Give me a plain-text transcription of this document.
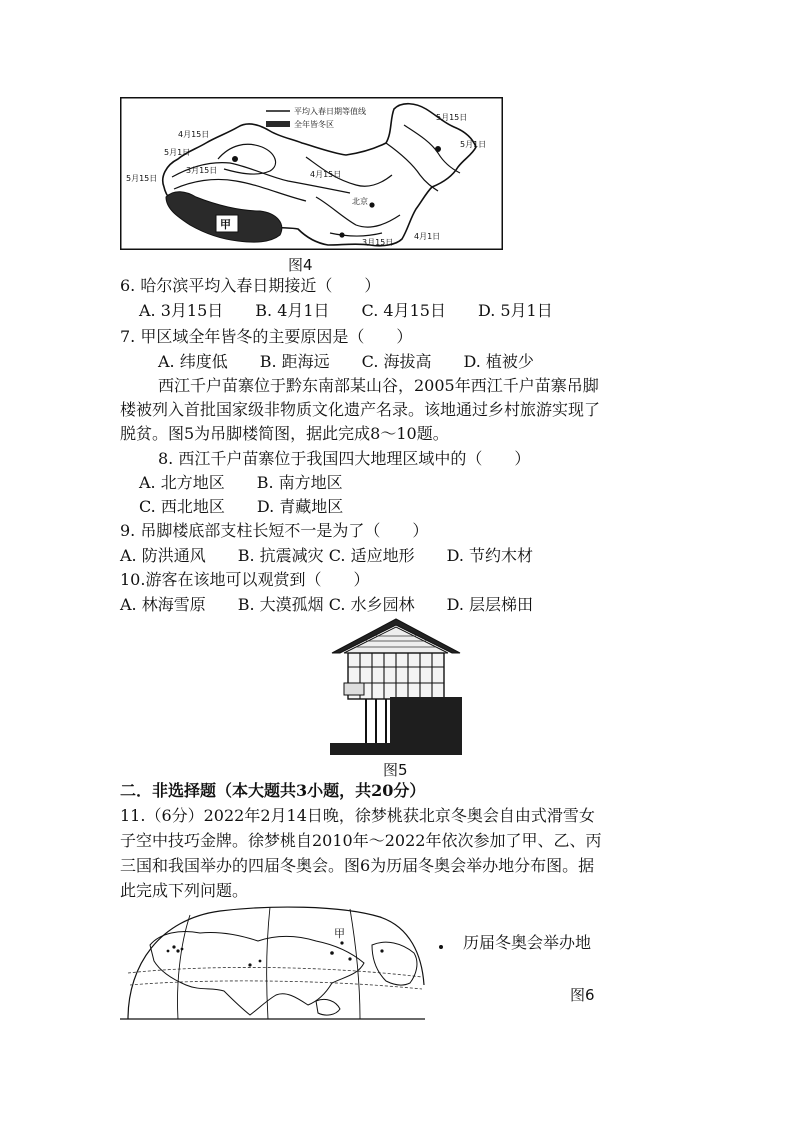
平均入春日期等值线
全年皆冬区
5月15日
5月1日
4月15日
5月1日
3月15日
5月15日	4月15日
北京
4月1日
3月15日
甲
图4
6. 哈尔滨平均入春日期接近（　　）
A. 3月15日　　B. 4月1日　　C. 4月15日　　D. 5月1日
7. 甲区域全年皆冬的主要原因是（　　）
A. 纬度低　　B. 距海远　　C. 海拔高　　D. 植被少
西江千户苗寨位于黔东南部某山谷，2005年西江千户苗寨吊脚
楼被列入首批国家级非物质文化遗产名录。该地通过乡村旅游实现了
脱贫。图5为吊脚楼简图，据此完成8～10题。
8. 西江千户苗寨位于我国四大地理区域中的（　　）
A. 北方地区　　B. 南方地区
C. 西北地区　　D. 青藏地区
9. 吊脚楼底部支柱长短不一是为了（　　）
A. 防洪通风　　B. 抗震减灾 C. 适应地形　　D. 节约木材
10.游客在该地可以观赏到（　　）
A. 林海雪原　　B. 大漠孤烟 C. 水乡园林　　D. 层层梯田
图5
二．非选择题（本大题共3小题，共20分）
11.（6分）2022年2月14日晚，徐梦桃获北京冬奥会自由式滑雪女
子空中技巧金牌。徐梦桃自2010年～2022年依次参加了甲、乙、丙
三国和我国举办的四届冬奥会。图6为历届冬奥会举办地分布图。据
此完成下列问题。
甲	历届冬奥会举办地
图6
